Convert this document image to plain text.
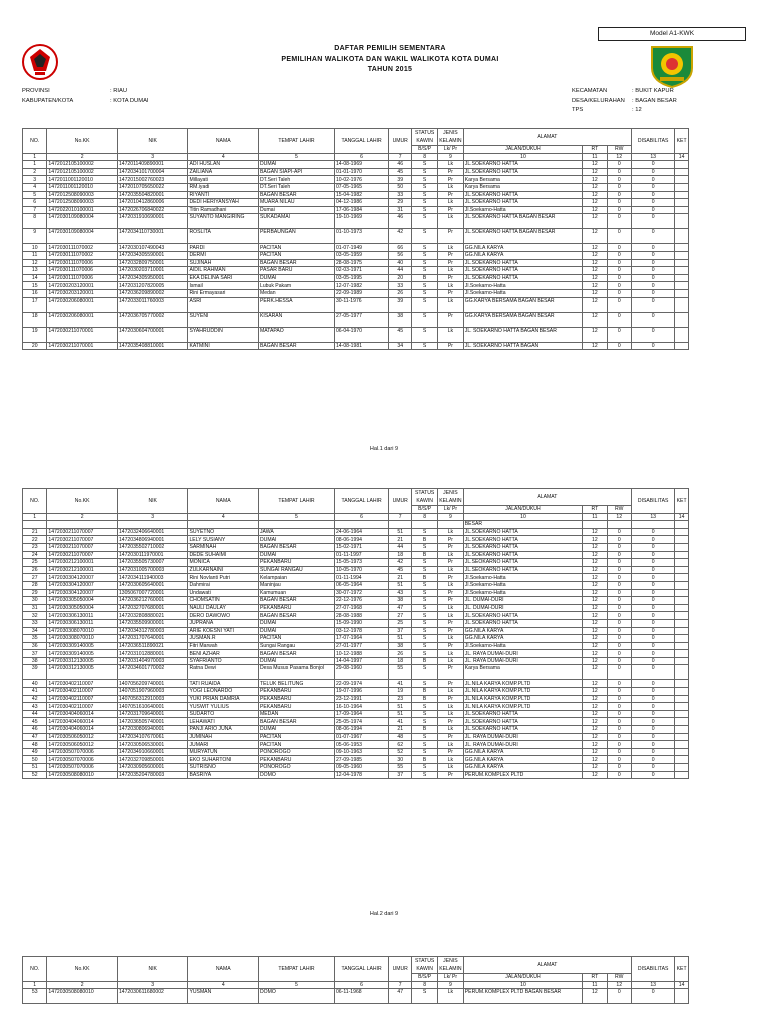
Model A1-KWK
DAFTAR PEMILIH SEMENTARA
PEMILIHAN WALIKOTA DAN WAKIL WALIKOTA KOTA DUMAI
TAHUN 2015
PROVINSI	: RIAU
KABUPATEN/KOTA	: KOTA DUMAI
KECAMATAN	: BUKIT KAPUR
DESA/KELURAHAN : BAGAN BESAR
TPS	: 12
NO.	No.KK	NIK	NAMA	TEMPAT LAHIR	TANGGAL LAHIR	UMUR	STATUS KAWIN	JENIS KELAMIN	ALAMAT			DISABILITAS	KET
							B/S/P	Lk/ Pr	JALAN/DUKUH	RT	RW		
1	2	3	4	5	6	7	8	9	10	11	12	13	14
1	1472012105100002	1472011409890001	ADI HUSLAN	DUMAI	14-08-1969	46	S	Lk	JL.SOEKARNO HATTA	12	0	0	
2	1472012105100002	1472034101700004	ZAILIANA	BAGAN SIAPI-API	01-01-1970	45	S	Pr	JL.SOEKARNO HATTA	12	0	0	
3	1472011001120010	1472015002760023	Millayati	DT.Seri Taleh	10-02-1976	39	S	Pr	Karya Bersama	12	0	0	
4	1472011001120010	1472010705650022	RM.iyadi	DT.Seri Taleh	07-05-1965	50	S	Lk	Karya Bersama	12	0	0	
5	1472012508090003	1472035504820001	RIYANTI	BAGAN BESAR	15-04-1982	33	S	Pr	JL.SOEKARNO HATTA	12	0	0	
6	1472012508090003	1472010412860006	DEDI HERIYANSYAH	MUARA NILAU	04-12-1986	29	S	Lk	JL.SOEKARNO HATTA	12	0	0	
7	1472022010100001	1472026706840022	Titin Ramadhani	Dumai	17-06-1984	31	S	Pr	Jl.Soekarno-Hatta	12	0	0	
8	1472030109080004	1472031910690001	SUYANTO MANGIRING	SUKADAMAI	19-10-1969	46	S	Lk	JL.SOEKARNO HATTA BAGAN BESAR	12	0	0	
9	1472030109080004	1472034110730001	ROSLITA	PERBAUNGAN	01-10-1973	42	S	Pr	JL.SOEKARNO HATTA BAGAN BESAR	12	0	0	
10	1472030111070002	1472030107490043	PARDI	PACITAN	01-07-1949	66	S	Lk	GG.NILA KARYA	12	0	0	
11	1472030111070002	1472034305590001	DERMI	PACITAN	03-05-1959	56	S	Pr	GG.NILA KARYA	12	0	0	
12	1472030111070006	1472032809750001	SUJINAH	BAGAN BESAR	28-08-1975	40	S	Pr	JL.SOEKARNO HATTA	12	0	0	
13	1472030111070006	1472030203710001	AIDIL RAHMAN	PASAR BARU	02-03-1971	44	S	Lk	JL.SOEKARNO HATTA	12	0	0	
14	1472030111070006	1472034305950001	EKA DELINA SARI	DUMAI	03-05-1995	20	B	Pr	JL.SOEKARNO HATTA	12	0	0	
15	1472030203120001	1472031207820005	Ismail	Lubuk Pakam	12-07-1982	33	S	Lk	Jl.Soekarno-Hatta	12	0	0	
16	1472030203120001	1472036209890002	Rini Ermayasari	Medan	22-09-1989	26	S	Pr	Jl.Soekarno-Hatta	12	0	0	
17	1472030206080001	1472033011760003	ASRI	PERK.HESSA	30-11-1976	39	S	Lk	GG.KARYA BERSAMA BAGAN BESAR	12	0	0	
18	1472030206080001	1472036705770002	SUYENI	KISARAN	27-05-1977	38	S	Pr	GG.KARYA BERSAMA BAGAN BESAR	12	0	0	
19	1472030211070001	1472030604700001	SYAHRUDDIN	MATAPAO	06-04-1970	45	S	Lk	JL. SOEKARNO HATTA BAGAN BESAR	12	0	0	
20	1472030211070001	1472035408810001	KATMINI	BAGAN BESAR	14-08-1981	34	S	Pr	JL. SOEKARNO HATTA BAGAN	12	0	0	
NO.	No.KK	NIK	NAMA	TEMPAT LAHIR	TANGGAL LAHIR	UMUR	STATUS KAWIN	JENIS KELAMIN	ALAMAT			DISABILITAS	KET
							B/S/P	Lk/ Pr	JALAN/DUKUH	RT	RW		
1	2	3	4	5	6	7	8	9	10	11	12	13	14
									BESAR				
21	1472030211070007	1472032406640001	SUYETNO	JAWA	24-06-1964	51	S	Lk	JL.SOEKARNO HATTA	12	0	0	
22	1472030211070007	1472034806940001	LELY SUSIANY	DUMAI	08-06-1994	21	B	Pr	JL.SOEKARNO HATTA	12	0	0	
23	1472030211070007	1472035502710002	SARMINAH	BAGAN BESAR	15-02-1971	44	S	Pr	JL.SOEKARNO HATTA	12	0	0	
24	1472030211070007	1472030111970001	DEDE SUHAIMI	DUMAI	01-11-1997	18	B	Lk	JL.SOEKARNO HATTA	12	0	0	
25	1472030212100001	1472035505730007	MONICA	PEKANBARU	15-05-1973	42	S	Pr	JL.SEOKARNO HATTA	12	0	0	
26	1472030212100001	1472031005700003	ZULKARNAINI	SUNGAI RANGAU	10-05-1970	45	S	Lk	JL.SEOKARNO HATTA	12	0	0	
27	1472030304120007	1472034111940003	Rini Novlanti Putri	Kelampaian	01-11-1994	21	B	Pr	Jl.Soekarno-Hatta	12	0	0	
28	1472030304120007	1472030605640001	Dahmirai	Maninjau	06-05-1964	51	S	Lk	Jl.Soekarno-Hatta	12	0	0	
29	1472030304120007	1305067007720001	Undawati	Kamumuan	30-07-1972	43	S	Pr	Jl.Soekarno-Hatta	12	0	0	
30	1472030305050004	1472036212760001	CHOMSATIN	BAGAN BESAR	22-12-1976	38	S	Pr	JL. DUMAI-DURI	12	0	0	
31	1472030305050004	1472032707680001	NAULI DAULAY	PEKANBARU	27-07-1968	47	S	Lk	JL. DUMAI-DURI	12	0	0	
32	1472030306130011	1472032808880021	DERO DAWOWO	BAGAN BESAR	28-08-1988	27	S	Lk	JL.SOEKARNO HATTA	12	0	0	
33	1472030306130011	1472035509900001	JUPRANA	DUMAI	15-09-1990	25	S	Pr	JL.SOEKARNO HATTA	12	0	0	
34	1472030308070010	1472034312780003	ARIE KOESNI YATI	DUMAI	03-12-1978	37	S	Pr	GG.NILA KARYA	12	0	0	
35	1472030308070010	1472031707640001	JUSMAN.R	PACITAN	17-07-1964	51	S	Lk	GG.NILA KARYA	12	0	0	
36	1472030309140005	1472036511890021	Fitri Marwah	Sungai Rangau	27-01-1977	38	S	Pr	Jl.Soekarno-Hatta	12	0	0	
37	1472030309140005	1472031012880001	BENI AZHAR	BAGAN BESAR	10-12-1988	26	S	Lk	JL. RAYA DUMAI-DURI	12	0	0	
38	1472030312130005	1472031404970003	SYAFRIANTO	DUMAI	14-04-1997	18	B	Lk	JL. RAYA DUMAI-DURI	12	0	0	
39	1472030312130005	1472034601770002	Ratna Dewi	Desa Musus Pasama Bonjol	29-08-1960	55	S	Pr	Karya Bersama	12	0	0	
40	1472030402110007	1407056209740001	TATI RUAIDA	TELUK BELITUNG	22-09-1974	41	S	Pr	JL.NILA KARYA KOMP.PLTD	12	0	0	
41	1472030402110007	1407051907960003	YOGI LEONARDO	PEKANBARU	19-07-1996	19	B	Lk	JL.NILA KARYA KOMP.PLTD	12	0	0	
42	1472030402110007	1407056312910003	YUKI PRIAN DAMRIA	PEKANBARU	23-12-1991	23	B	Pr	JL.NILA KARYA KOMP.PLTD	12	0	0	
43	1472030402110007	1407051610640001	YUSWIT YULIUS	PEKANBARU	16-10-1964	51	S	Lk	JL.NILA KARYA KOMP.PLTD	12	0	0	
44	1472030404060014	1472031709640001	SUDARTO	MEDAN	17-09-1964	51	S	Lk	JL.SOEKARNO HATTA	12	0	0	
45	1472030404060014	1472036505740001	LEHAWATI	BAGAN BESAR	25-05-1974	41	S	Pr	JL.SOEKARNO HATTA	12	0	0	
46	1472030404060014	1472030806940001	PANJI ARIO JUNA	DUMAI	08-06-1994	21	B	Lk	JL.SOEKARNO HATTA	12	0	0	
47	1472030506050012	1472034107670061	JUMINAH	PACITAN	01-07-1967	48	S	Pr	JL. RAYA DUMAI-DURI	12	0	0	
48	1472030506050012	1472030506530001	JUMARI	PACITAN	05-06-1953	62	S	Lk	JL. RAYA DUMAI-DURI	12	0	0	
49	1472030507070006	1472034910660001	MURYATUN	PONOROGO	09-10-1963	52	S	Pr	GG.NILA KARYA	12	0	0	
50	1472030507070006	1472032709850001	EKO SUHARTONI	PEKANBARU	27-09-1985	30	B	Lk	GG.NILA KARYA	12	0	0	
51	1472030507070006	1472030905600001	SUTRISNO	PONOROGO	09-05-1960	55	S	Lk	GG.NILA KARYA	12	0	0	
52	1472030508080010	1472035204780003	BASRIYA	DOMO	12-04-1978	37	S	Pr	PERUM.KOMPLEX PLTD	12	0	0	
NO.	No.KK	NIK	NAMA	TEMPAT LAHIR	TANGGAL LAHIR	UMUR	STATUS KAWIN	JENIS KELAMIN	ALAMAT			DISABILITAS	KET
							B/S/P	Lk/ Pr	JALAN/DUKUH	RT	RW		
1	2	3	4	5	6	7	8	9	10	11	12	13	14
53	1472030508080010	1472030611680002	YUSMAN	DOMO	06-11-1968	47	S	Lk	PERUM.KOMPLEX PLTD BAGAN BESAR	12	0	0	
Hal.1 dari 9
Hal.2 dari 9
